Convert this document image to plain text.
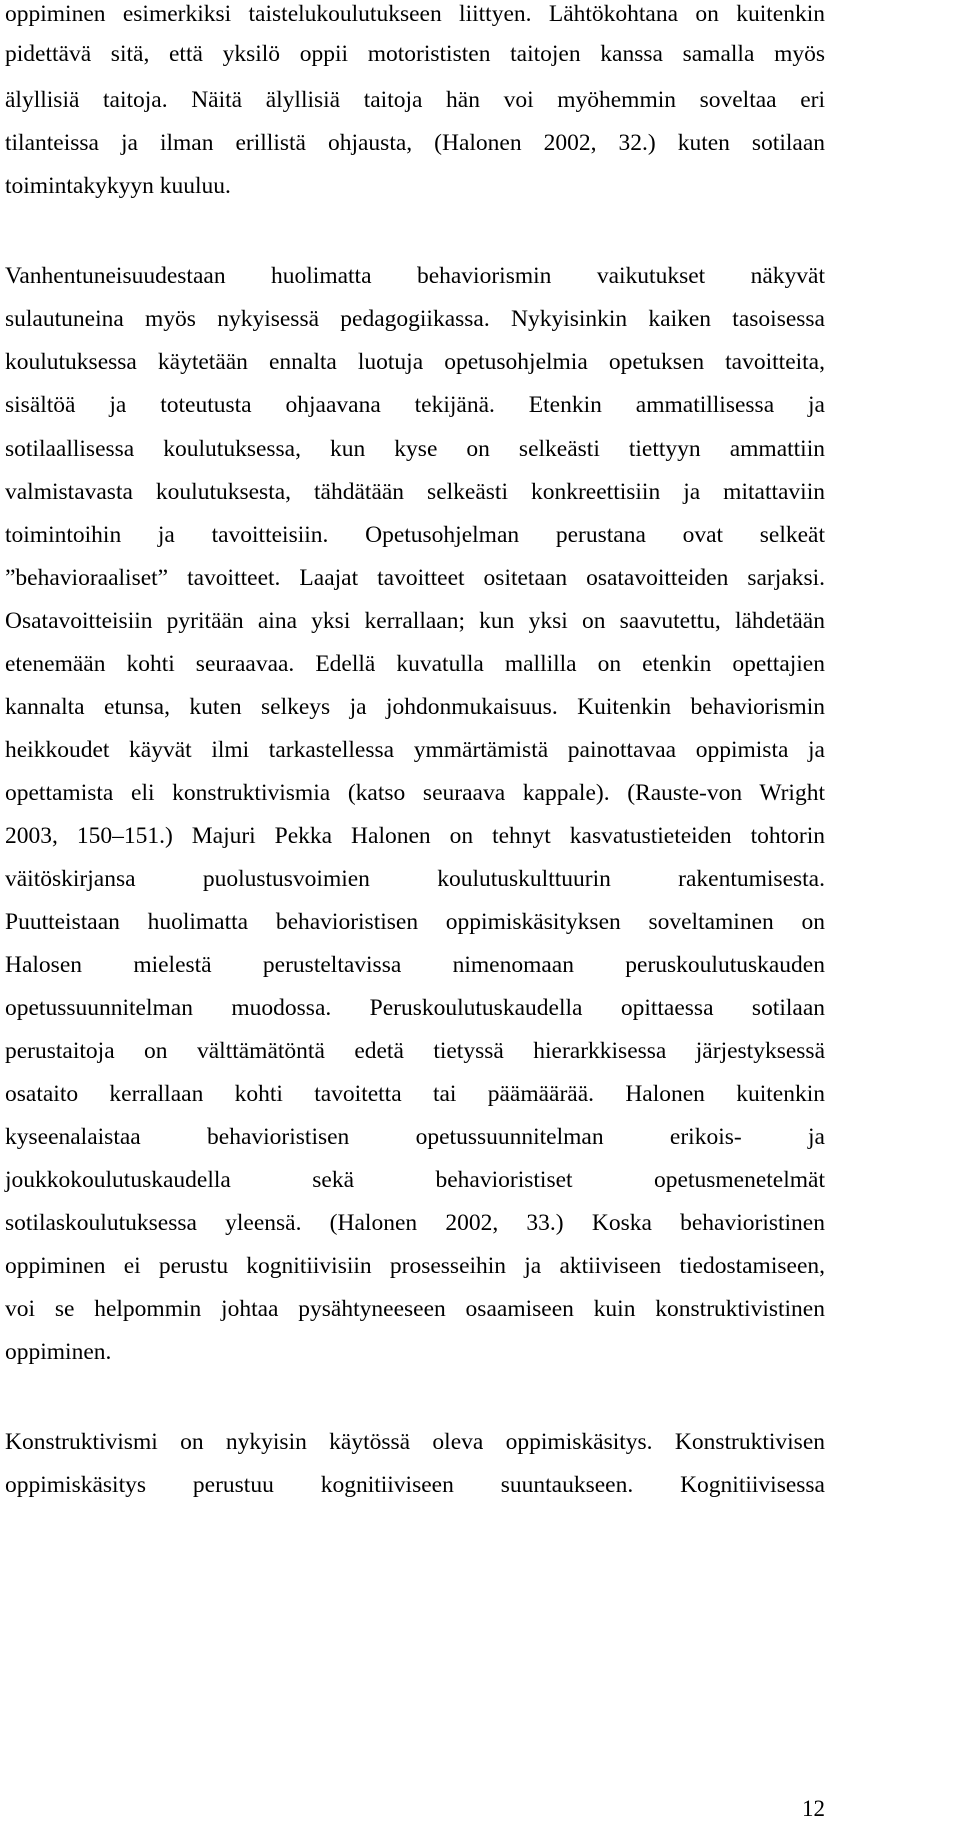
oppiminen esimerkiksi taistelukoulutukseen liittyen. Lähtökohtana on kuitenkin
pidettävä sitä, että yksilö oppii motorististen taitojen kanssa samalla myös
älyllisiä taitoja. Näitä älyllisiä taitoja hän voi myöhemmin soveltaa eri
tilanteissa ja ilman erillistä ohjausta, (Halonen 2002, 32.) kuten sotilaan
toimintakykyyn kuuluu.
Vanhentuneisuudestaan huolimatta behaviorismin vaikutukset näkyvät
sulautuneina myös nykyisessä pedagogiikassa. Nykyisinkin kaiken tasoisessa
koulutuksessa käytetään ennalta luotuja opetusohjelmia opetuksen tavoitteita,
sisältöä ja toteutusta ohjaavana tekijänä. Etenkin ammatillisessa ja
sotilaallisessa koulutuksessa, kun kyse on selkeästi tiettyyn ammattiin
valmistavasta koulutuksesta, tähdätään selkeästi konkreettisiin ja mitattaviin
toimintoihin ja tavoitteisiin. Opetusohjelman perustana ovat selkeät
”behavioraaliset” tavoitteet. Laajat tavoitteet ositetaan osatavoitteiden sarjaksi.
Osatavoitteisiin pyritään aina yksi kerrallaan; kun yksi on saavutettu, lähdetään
etenemään kohti seuraavaa. Edellä kuvatulla mallilla on etenkin opettajien
kannalta etunsa, kuten selkeys ja johdonmukaisuus. Kuitenkin behaviorismin
heikkoudet käyvät ilmi tarkastellessa ymmärtämistä painottavaa oppimista ja
opettamista eli konstruktivismia (katso seuraava kappale). (Rauste-von Wright
2003, 150–151.) Majuri Pekka Halonen on tehnyt kasvatustieteiden tohtorin
väitöskirjansa puolustusvoimien koulutuskulttuurin rakentumisesta.
Puutteistaan huolimatta behavioristisen oppimiskäsityksen soveltaminen on
Halosen mielestä perusteltavissa nimenomaan peruskoulutuskauden
opetussuunnitelman muodossa. Peruskoulutuskaudella opittaessa sotilaan
perustaitoja on välttämätöntä edetä tietyssä hierarkkisessa järjestyksessä
osataito kerrallaan kohti tavoitetta tai päämäärää. Halonen kuitenkin
kyseenalaistaa behavioristisen opetussuunnitelman erikois- ja
joukkokoulutuskaudella sekä behavioristiset opetusmenetelmät
sotilaskoulutuksessa yleensä. (Halonen 2002, 33.) Koska behavioristinen
oppiminen ei perustu kognitiivisiin prosesseihin ja aktiiviseen tiedostamiseen,
voi se helpommin johtaa pysähtyneeseen osaamiseen kuin konstruktivistinen
oppiminen.
Konstruktivismi on nykyisin käytössä oleva oppimiskäsitys. Konstruktivisen
oppimiskäsitys perustuu kognitiiviseen suuntaukseen. Kognitiivisessa
12
